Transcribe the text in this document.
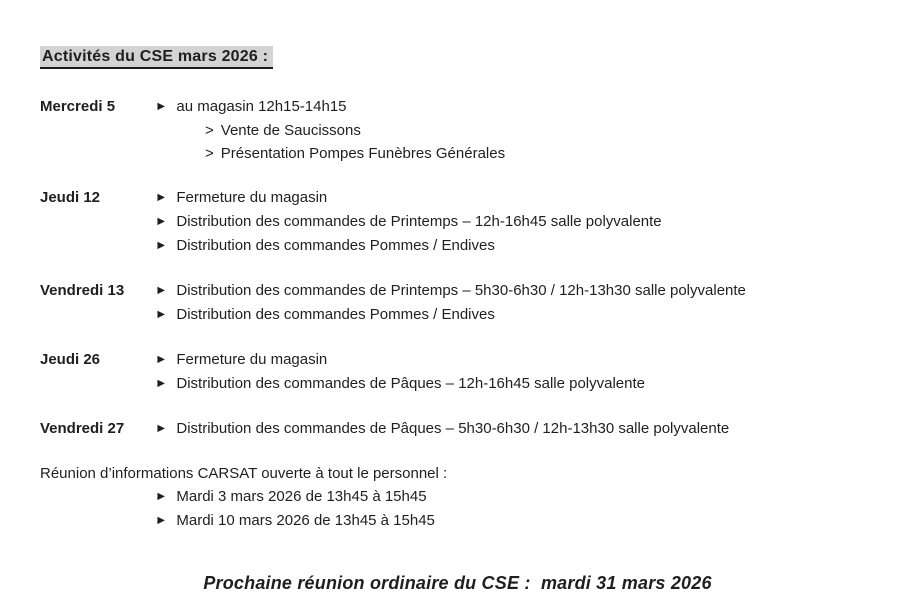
Activités du CSE mars 2026 :
Mercredi 5	► au magasin 12h15-14h15
> Vente de Saucissons
> Présentation Pompes Funèbres Générales
Jeudi 12	► Fermeture du magasin
► Distribution des commandes de Printemps – 12h-16h45 salle polyvalente
► Distribution des commandes Pommes / Endives
Vendredi 13	► Distribution des commandes de Printemps – 5h30-6h30 / 12h-13h30 salle polyvalente
► Distribution des commandes Pommes / Endives
Jeudi 26	► Fermeture du magasin
► Distribution des commandes de Pâques – 12h-16h45 salle polyvalente
Vendredi 27	► Distribution des commandes de Pâques – 5h30-6h30 / 12h-13h30 salle polyvalente

Réunion d’informations CARSAT ouverte à tout le personnel :

► Mardi 3 mars 2026 de 13h45 à 15h45
► Mardi 10 mars 2026 de 13h45 à 15h45

Prochaine réunion ordinaire du CSE :  mardi 31 mars 2026
